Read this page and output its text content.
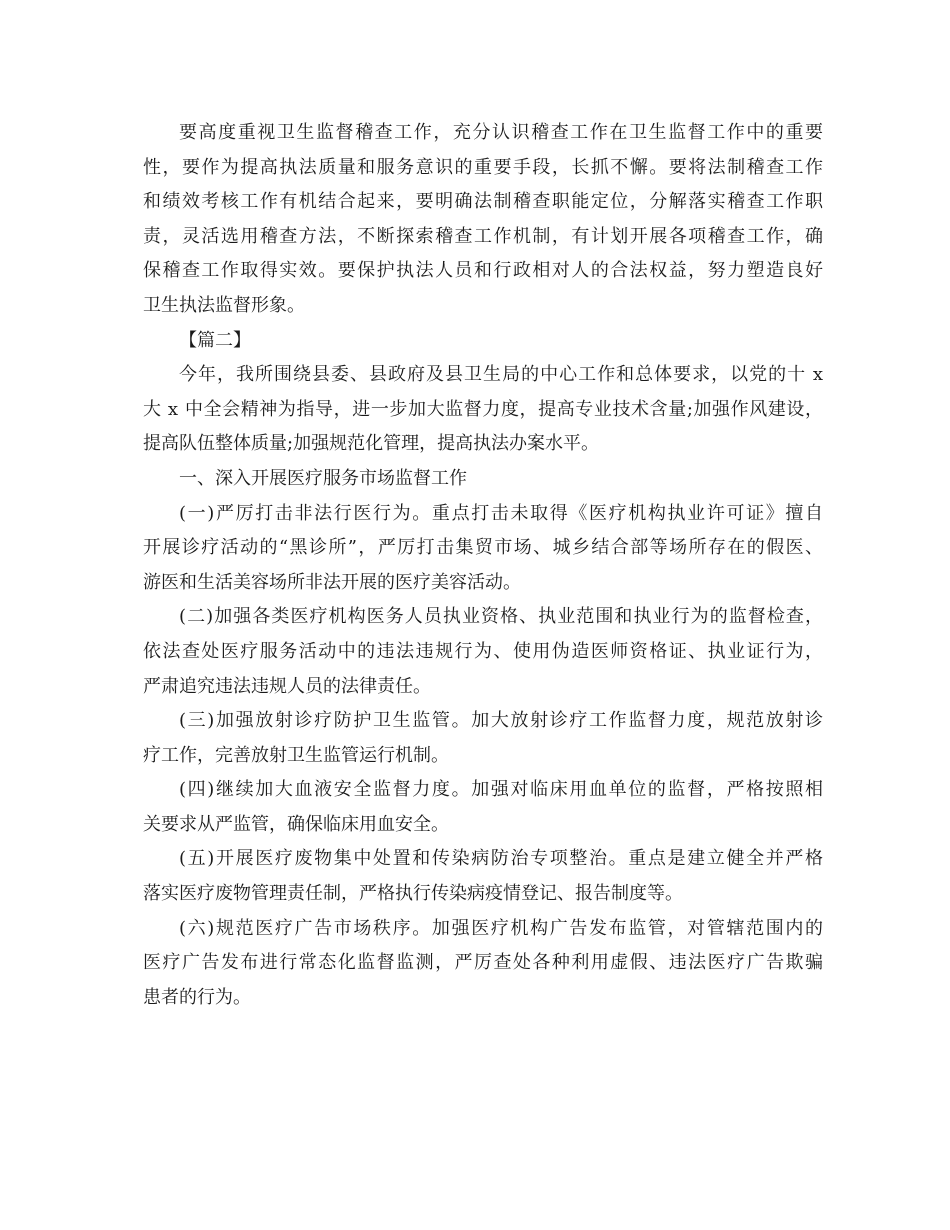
要高度重视卫生监督稽查工作，充分认识稽查工作在卫生监督工作中的重要
性，要作为提高执法质量和服务意识的重要手段，长抓不懈。要将法制稽查工作
和绩效考核工作有机结合起来，要明确法制稽查职能定位，分解落实稽查工作职
责，灵活选用稽查方法，不断探索稽查工作机制，有计划开展各项稽查工作，确
保稽查工作取得实效。要保护执法人员和行政相对人的合法权益，努力塑造良好
卫生执法监督形象。
【篇二】
今年，我所围绕县委、县政府及县卫生局的中心工作和总体要求，以党的十 x
大 x 中全会精神为指导，进一步加大监督力度，提高专业技术含量;加强作风建设，
提高队伍整体质量;加强规范化管理，提高执法办案水平。
一、深入开展医疗服务市场监督工作
(一)严厉打击非法行医行为。重点打击未取得《医疗机构执业许可证》擅自
开展诊疗活动的“黑诊所”，严厉打击集贸市场、城乡结合部等场所存在的假医、
游医和生活美容场所非法开展的医疗美容活动。
(二)加强各类医疗机构医务人员执业资格、执业范围和执业行为的监督检查，
依法查处医疗服务活动中的违法违规行为、使用伪造医师资格证、执业证行为，
严肃追究违法违规人员的法律责任。
(三)加强放射诊疗防护卫生监管。加大放射诊疗工作监督力度，规范放射诊
疗工作，完善放射卫生监管运行机制。
(四)继续加大血液安全监督力度。加强对临床用血单位的监督，严格按照相
关要求从严监管，确保临床用血安全。
(五)开展医疗废物集中处置和传染病防治专项整治。重点是建立健全并严格
落实医疗废物管理责任制，严格执行传染病疫情登记、报告制度等。
(六)规范医疗广告市场秩序。加强医疗机构广告发布监管，对管辖范围内的
医疗广告发布进行常态化监督监测，严厉查处各种利用虚假、违法医疗广告欺骗
患者的行为。
